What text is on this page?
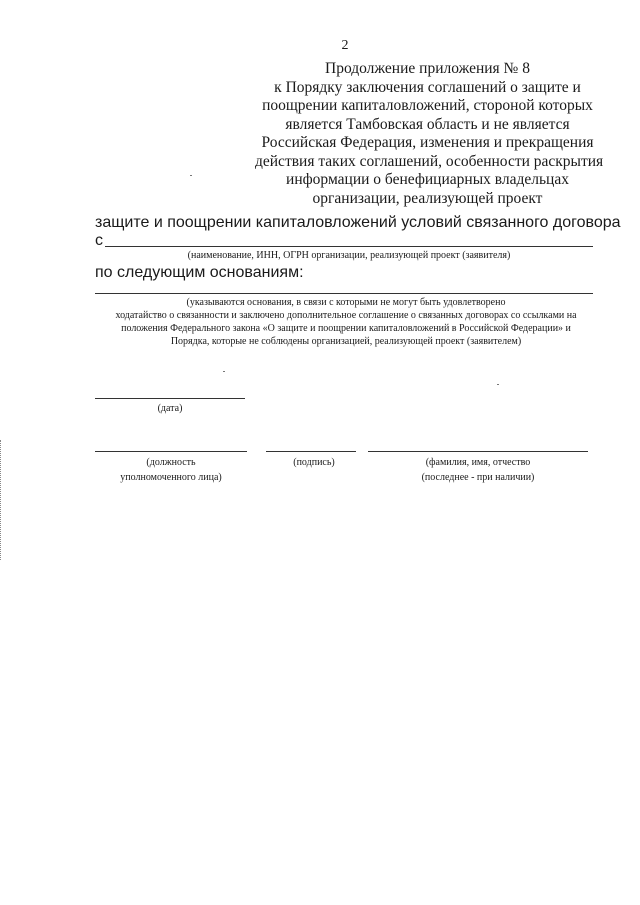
2
Продолжение приложения № 8
к Порядку заключения соглашений о защите и
поощрении капиталовложений, стороной которых
является Тамбовская область и не является
Российская Федерация, изменения и прекращения
действия таких соглашений, особенности раскрытия
информации о бенефициарных владельцах
организации, реализующей проект
защите и поощрении капиталовложений условий связанного договора
с
(наименование, ИНН, ОГРН организации, реализующей проект (заявителя)
по следующим основаниям:
(указываются основания, в связи с которыми не могут быть удовлетворено
ходатайство о связанности и заключено дополнительное соглашение о связанных договорах со ссылками на
положения Федерального закона «О защите и поощрении капиталовложений в Российской Федерации» и
Порядка, которые не соблюдены организацией, реализующей проект (заявителем)
(дата)
(должность
уполномоченного лица)
(подпись)	(фамилия, имя, отчество
(последнее - при наличии)
